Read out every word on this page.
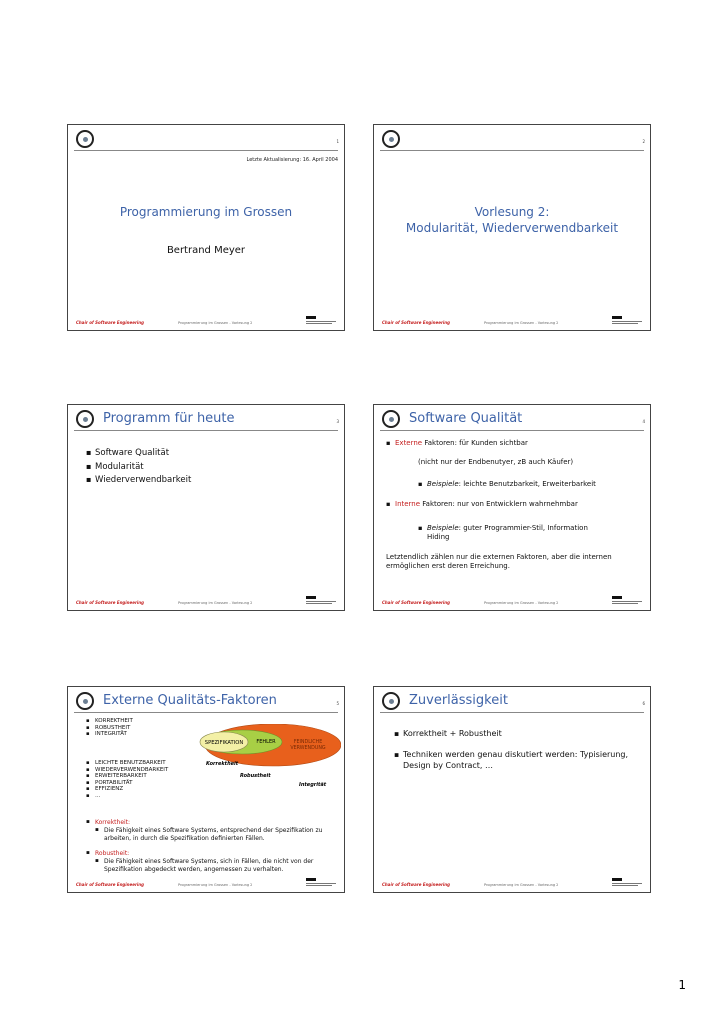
1
Letzte Aktualisierung: 16. April 2004
Programmierung im Grossen
Bertrand Meyer
Chair of Software Engineering	Programmierung im Grossen - Vorlesung 2
2
Vorlesung 2:
Modularität, Wiederverwendbarkeit
Chair of Software Engineering	Programmierung im Grossen - Vorlesung 2
Programm für heute	3
▪ Software Qualität
▪ Modularität
▪ Wiederverwendbarkeit
Chair of Software Engineering	Programmierung im Grossen - Vorlesung 2
Software Qualität	4
▪ Externe Faktoren: für Kunden sichtbar
(nicht nur der Endbenutyer, zB auch Käufer)
▪ Beispiele: leichte Benutzbarkeit, Erweiterbarkeit
▪ Interne Faktoren: nur von Entwicklern wahrnehmbar
▪ Beispiele: guter Programmier-Stil, Information Hiding
Letztendlich zählen nur die externen Faktoren, aber die internen ermöglichen erst deren Erreichung.
Chair of Software Engineering	Programmierung im Grossen - Vorlesung 2
Externe Qualitäts-Faktoren	5
▪ KORREKTHEIT
▪ ROBUSTHEIT
▪ INTEGRITÄT
▪ LEICHTE BENUTZBARKEIT
▪ WIEDERVERWENDBARKEIT
▪ ERWEITERBARKEIT
▪ PORTABILITÄT
▪ EFFIZIENZ
▪ …
SPEZIFIKATION	FEHLER	FEINDLICHE
VERWENDUNG
Korrektheit
Robustheit
Integrität
▪ Korrektheit:
▪ Die Fähigkeit eines Software Systems, entsprechend der Spezifikation zu arbeiten, in durch die Spezifikation definierten Fällen.
▪ Robustheit:
▪ Die Fähigkeit eines Software Systems, sich in Fällen, die nicht von der Spezifikation abgedeckt werden, angemessen zu verhalten.
Chair of Software Engineering	Programmierung im Grossen - Vorlesung 2
Zuverlässigkeit	6
▪ Korrektheit + Robustheit
▪ Techniken werden genau diskutiert werden: Typisierung, Design by Contract, …
Chair of Software Engineering	Programmierung im Grossen - Vorlesung 2
1
